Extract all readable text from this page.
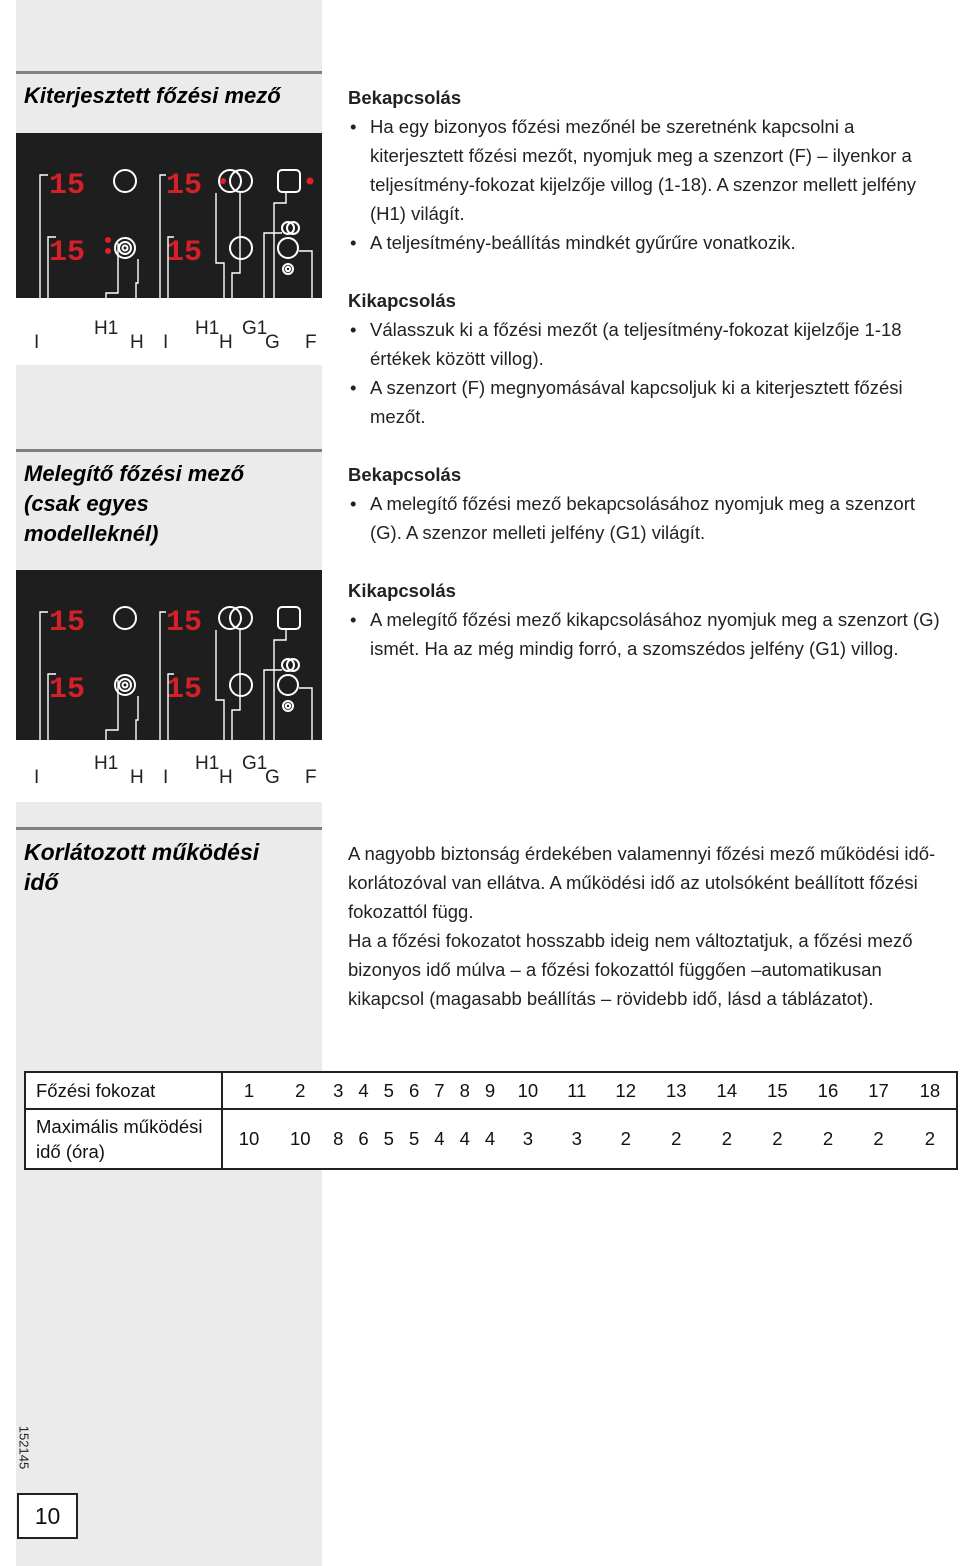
Kiterjesztett főzési mező
15	15
15	15
I
H1
H I
H1
H
G1
G F
Bekapcsolás
• Ha egy bizonyos főzési mezőnél be szeretnénk kapcsolni a kiterjesztett főzési mezőt, nyomjuk meg a szenzort (F) – ilyenkor a teljesítmény-fokozat kijelzője villog (1-18). A szenzor mellett jelfény (H1) világít.
• A teljesítmény-beállítás mindkét gyűrűre vonatkozik.
Kikapcsolás
• Válasszuk ki a főzési mezőt (a teljesítmény-fokozat kijelzője 1-18 értékek között villog).
• A szenzort (F) megnyomásával kapcsoljuk ki a kiterjesztett főzési mezőt.
Melegítő főzési mező (csak egyes modelleknél)
15	15
15	15
I
H1
H I
H1
H
G1
G F
Bekapcsolás
• A melegítő főzési mező bekapcsolásához nyomjuk meg a szenzort (G). A szenzor melleti jelfény (G1) világít.
Kikapcsolás
• A melegítő főzési mező kikapcsolásához nyomjuk meg a szenzort (G) ismét. Ha az még mindig forró, a szomszédos jelfény (G1) villog.
Korlátozott működési idő

A nagyobb biztonság érdekében valamennyi főzési mező működési idő-korlátozóval van ellátva. A működési idő az utolsóként beállított főzési fokozattól függ.

Ha a főzési fokozatot hosszabb ideig nem változtatjuk, a főzési mező bizonyos idő múlva – a főzési fokozattól függően –automatikusan kikapcsol (magasabb beállítás – rövidebb idő, lásd a táblázatot).

Főzési fokozat	1	2	3	4	5	6	7	8	9	10	11	12	13	14	15	16	17	18
Maximális működési idő (óra)	10	10	8	6	5	5	4	4	4	3	3	2	2	2	2	2	2	2
152145
10
